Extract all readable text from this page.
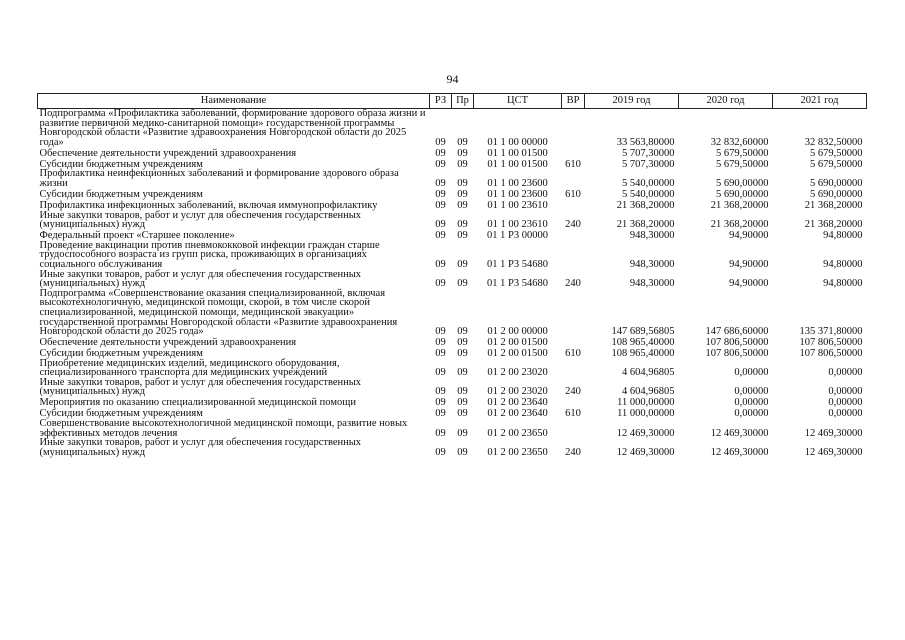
94
Наименование	РЗ	Пр	ЦСТ	ВР	2019 год	2020 год	2021 год
Подпрограмма «Профилактика заболеваний, формирование здорового образа жизни и развитие первичной медико-санитарной помощи» государственной программы Новгородской области «Развитие здравоохранения Новгородской области до 2025 года»	09	09	01 1 00 00000		33 563,80000	32 832,60000	32 832,50000
Обеспечение деятельности учреждений здравоохранения	09	09	01 1 00 01500		5 707,30000	5 679,50000	5 679,50000
Субсидии бюджетным учреждениям	09	09	01 1 00 01500	610	5 707,30000	5 679,50000	5 679,50000
Профилактика неинфекционных заболеваний и формирование здорового образа жизни	09	09	01 1 00 23600		5 540,00000	5 690,00000	5 690,00000
Субсидии бюджетным учреждениям	09	09	01 1 00 23600	610	5 540,00000	5 690,00000	5 690,00000
Профилактика инфекционных заболеваний, включая иммунопрофилактику	09	09	01 1 00 23610		21 368,20000	21 368,20000	21 368,20000
Иные закупки товаров, работ и услуг для обеспечения государственных (муниципальных) нужд	09	09	01 1 00 23610	240	21 368,20000	21 368,20000	21 368,20000
Федеральный проект «Старшее поколение»	09	09	01 1 P3 00000		948,30000	94,90000	94,80000
Проведение вакцинации против пневмококковой инфекции граждан старше трудоспособного возраста из групп риска, проживающих в организациях социального обслуживания	09	09	01 1 P3 54680		948,30000	94,90000	94,80000
Иные закупки товаров, работ и услуг для обеспечения государственных (муниципальных) нужд	09	09	01 1 P3 54680	240	948,30000	94,90000	94,80000
Подпрограмма «Совершенствование оказания специализированной, включая высокотехнологичную, медицинской помощи, скорой, в том числе скорой специализированной, медицинской помощи, медицинской эвакуации» государственной программы Новгородской области «Развитие здравоохранения Новгородской области до 2025 года»	09	09	01 2 00 00000		147 689,56805	147 686,60000	135 371,80000
Обеспечение деятельности учреждений здравоохранения	09	09	01 2 00 01500		108 965,40000	107 806,50000	107 806,50000
Субсидии бюджетным учреждениям	09	09	01 2 00 01500	610	108 965,40000	107 806,50000	107 806,50000
Приобретение медицинских изделий, медицинского оборудования, специализированного транспорта для медицинских учреждений	09	09	01 2 00 23020		4 604,96805	0,00000	0,00000
Иные закупки товаров, работ и услуг для обеспечения государственных (муниципальных) нужд	09	09	01 2 00 23020	240	4 604,96805	0,00000	0,00000
Мероприятия по оказанию специализированной медицинской помощи	09	09	01 2 00 23640		11 000,00000	0,00000	0,00000
Субсидии бюджетным учреждениям	09	09	01 2 00 23640	610	11 000,00000	0,00000	0,00000
Совершенствование высокотехнологичной медицинской помощи, развитие новых эффективных методов лечения	09	09	01 2 00 23650		12 469,30000	12 469,30000	12 469,30000
Иные закупки товаров, работ и услуг для обеспечения государственных (муниципальных) нужд	09	09	01 2 00 23650	240	12 469,30000	12 469,30000	12 469,30000
